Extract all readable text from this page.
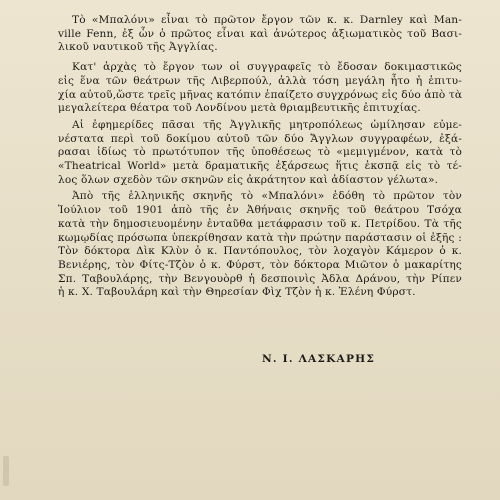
Τὸ «Μπαλόνι» εἶναι τὸ πρῶτον ἔργον τῶν κ. κ. Darnley καὶ Man-
ville Fenn, ἐξ ὧν ὁ πρῶτος εἶναι καὶ ἀνώτερος ἀξιωματικὸς τοῦ Βασι-
λικοῦ ναυτικοῦ τῆς Ἀγγλίας.
Κατ' ἀρχὰς τὸ ἔργον των οἱ συγγραφεῖς τὸ ἔδοσαν δοκιμαστικῶς
εἰς ἕνα τῶν θεάτρων τῆς Λιβερπούλ, ἀλλὰ τόση μεγάλη ἦτο ἡ ἐπιτυ-
χία αὐτοῦ,ὥστε τρεῖς μῆνας κατόπιν ἐπαίζετο συγχρόνως εἰς δύο ἀπὸ τὰ
μεγαλείτερα θέατρα τοῦ Λονδίνου μετὰ θριαμβευτικῆς ἐπιτυχίας.
Αἱ ἐφημερίδες πᾶσαι τῆς Ἀγγλικῆς μητροπόλεως ὡμίλησαν εὐμε-
νέστατα περὶ τοῦ δοκίμου αὐτοῦ τῶν δύο Ἄγγλων συγγραφέων, ἐξά-
ρασαι ἰδίως τὸ πρωτότυπον τῆς ὑποθέσεως τὸ «μεμιγμένον, κατὰ τὸ
«Theatrical World» μετὰ δραματικῆς ἐξάρσεως ἥτις ἐκσπᾷ εἰς τὸ τέ-
λος ὅλων σχεδὸν τῶν σκηνῶν εἰς ἀκράτητον καὶ ἀδίαστον γέλωτα».
Ἀπὸ τῆς ἑλληνικῆς σκηνῆς τὸ «Μπαλόνι» ἐδόθη τὸ πρῶτον τὸν
Ἰούλιον τοῦ 1901 ἀπὸ τῆς ἐν Ἀθήναις σκηνῆς τοῦ θεάτρου Τσόχα
κατὰ τὴν δημοσιευομένην ἐνταῦθα μετάφρασιν τοῦ κ. Πετρίδου. Τὰ τῆς
κωμῳδίας πρόσωπα ὑπεκρίθησαν κατὰ τὴν πρώτην παράστασιν οἱ ἐξῆς :
Τὸν δόκτορα Δὶκ Κλὺν ὁ κ. Παντόπουλος, τὸν λοχαγὸν Κάμερον ὁ κ.
Βενιέρης, τὸν Φίτς-Τζὸν ὁ κ. Φύρστ, τὸν δόκτορα Μιῶτον ὁ μακαρίτης
Σπ. Ταβουλάρης, τὴν Βενγουὸρθ ἡ δεσποινὶς Ἀδλα Δράνου, τὴν Ρίπεν
ἡ κ. Χ. Ταβουλάρη καὶ τὴν Θηρεσίαν Φὶχ Τζὸν ἡ κ. Ἑλένη Φύρστ.
Ν. Ι. ΛΑΣΚΑΡΗΣ
